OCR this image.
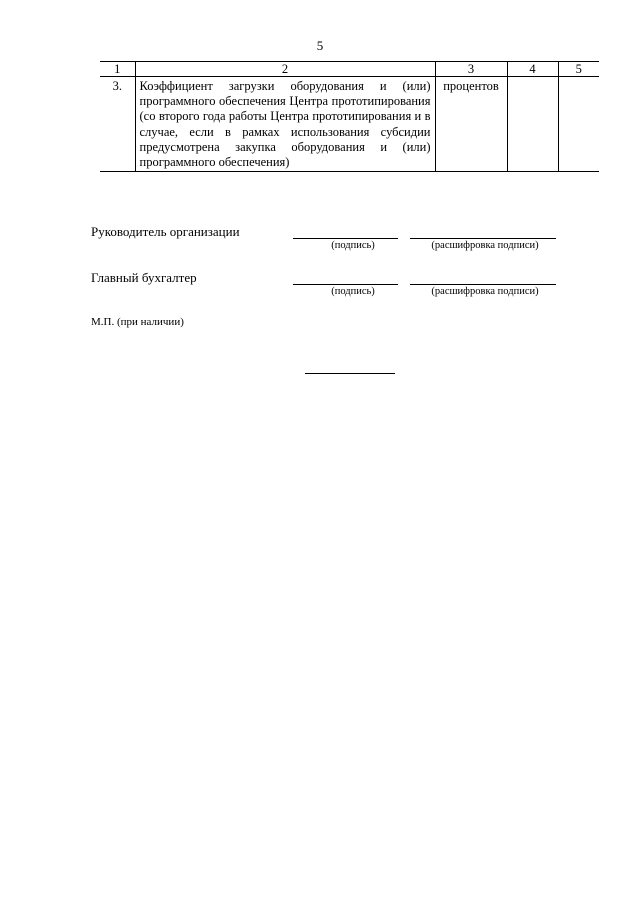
5
1	2	3	4	5
3.	Коэффициент загрузки оборудования и (или) программного обеспечения Центра прототипирования (со второго года работы Центра прототипирования и в случае, если в рамках использования субсидии предусмотрена закупка оборудования и (или) программного обеспечения)	процентов		
Руководитель организации
(подпись)	(расшифровка подписи)
Главный бухгалтер
(подпись)	(расшифровка подписи)
М.П. (при наличии)
